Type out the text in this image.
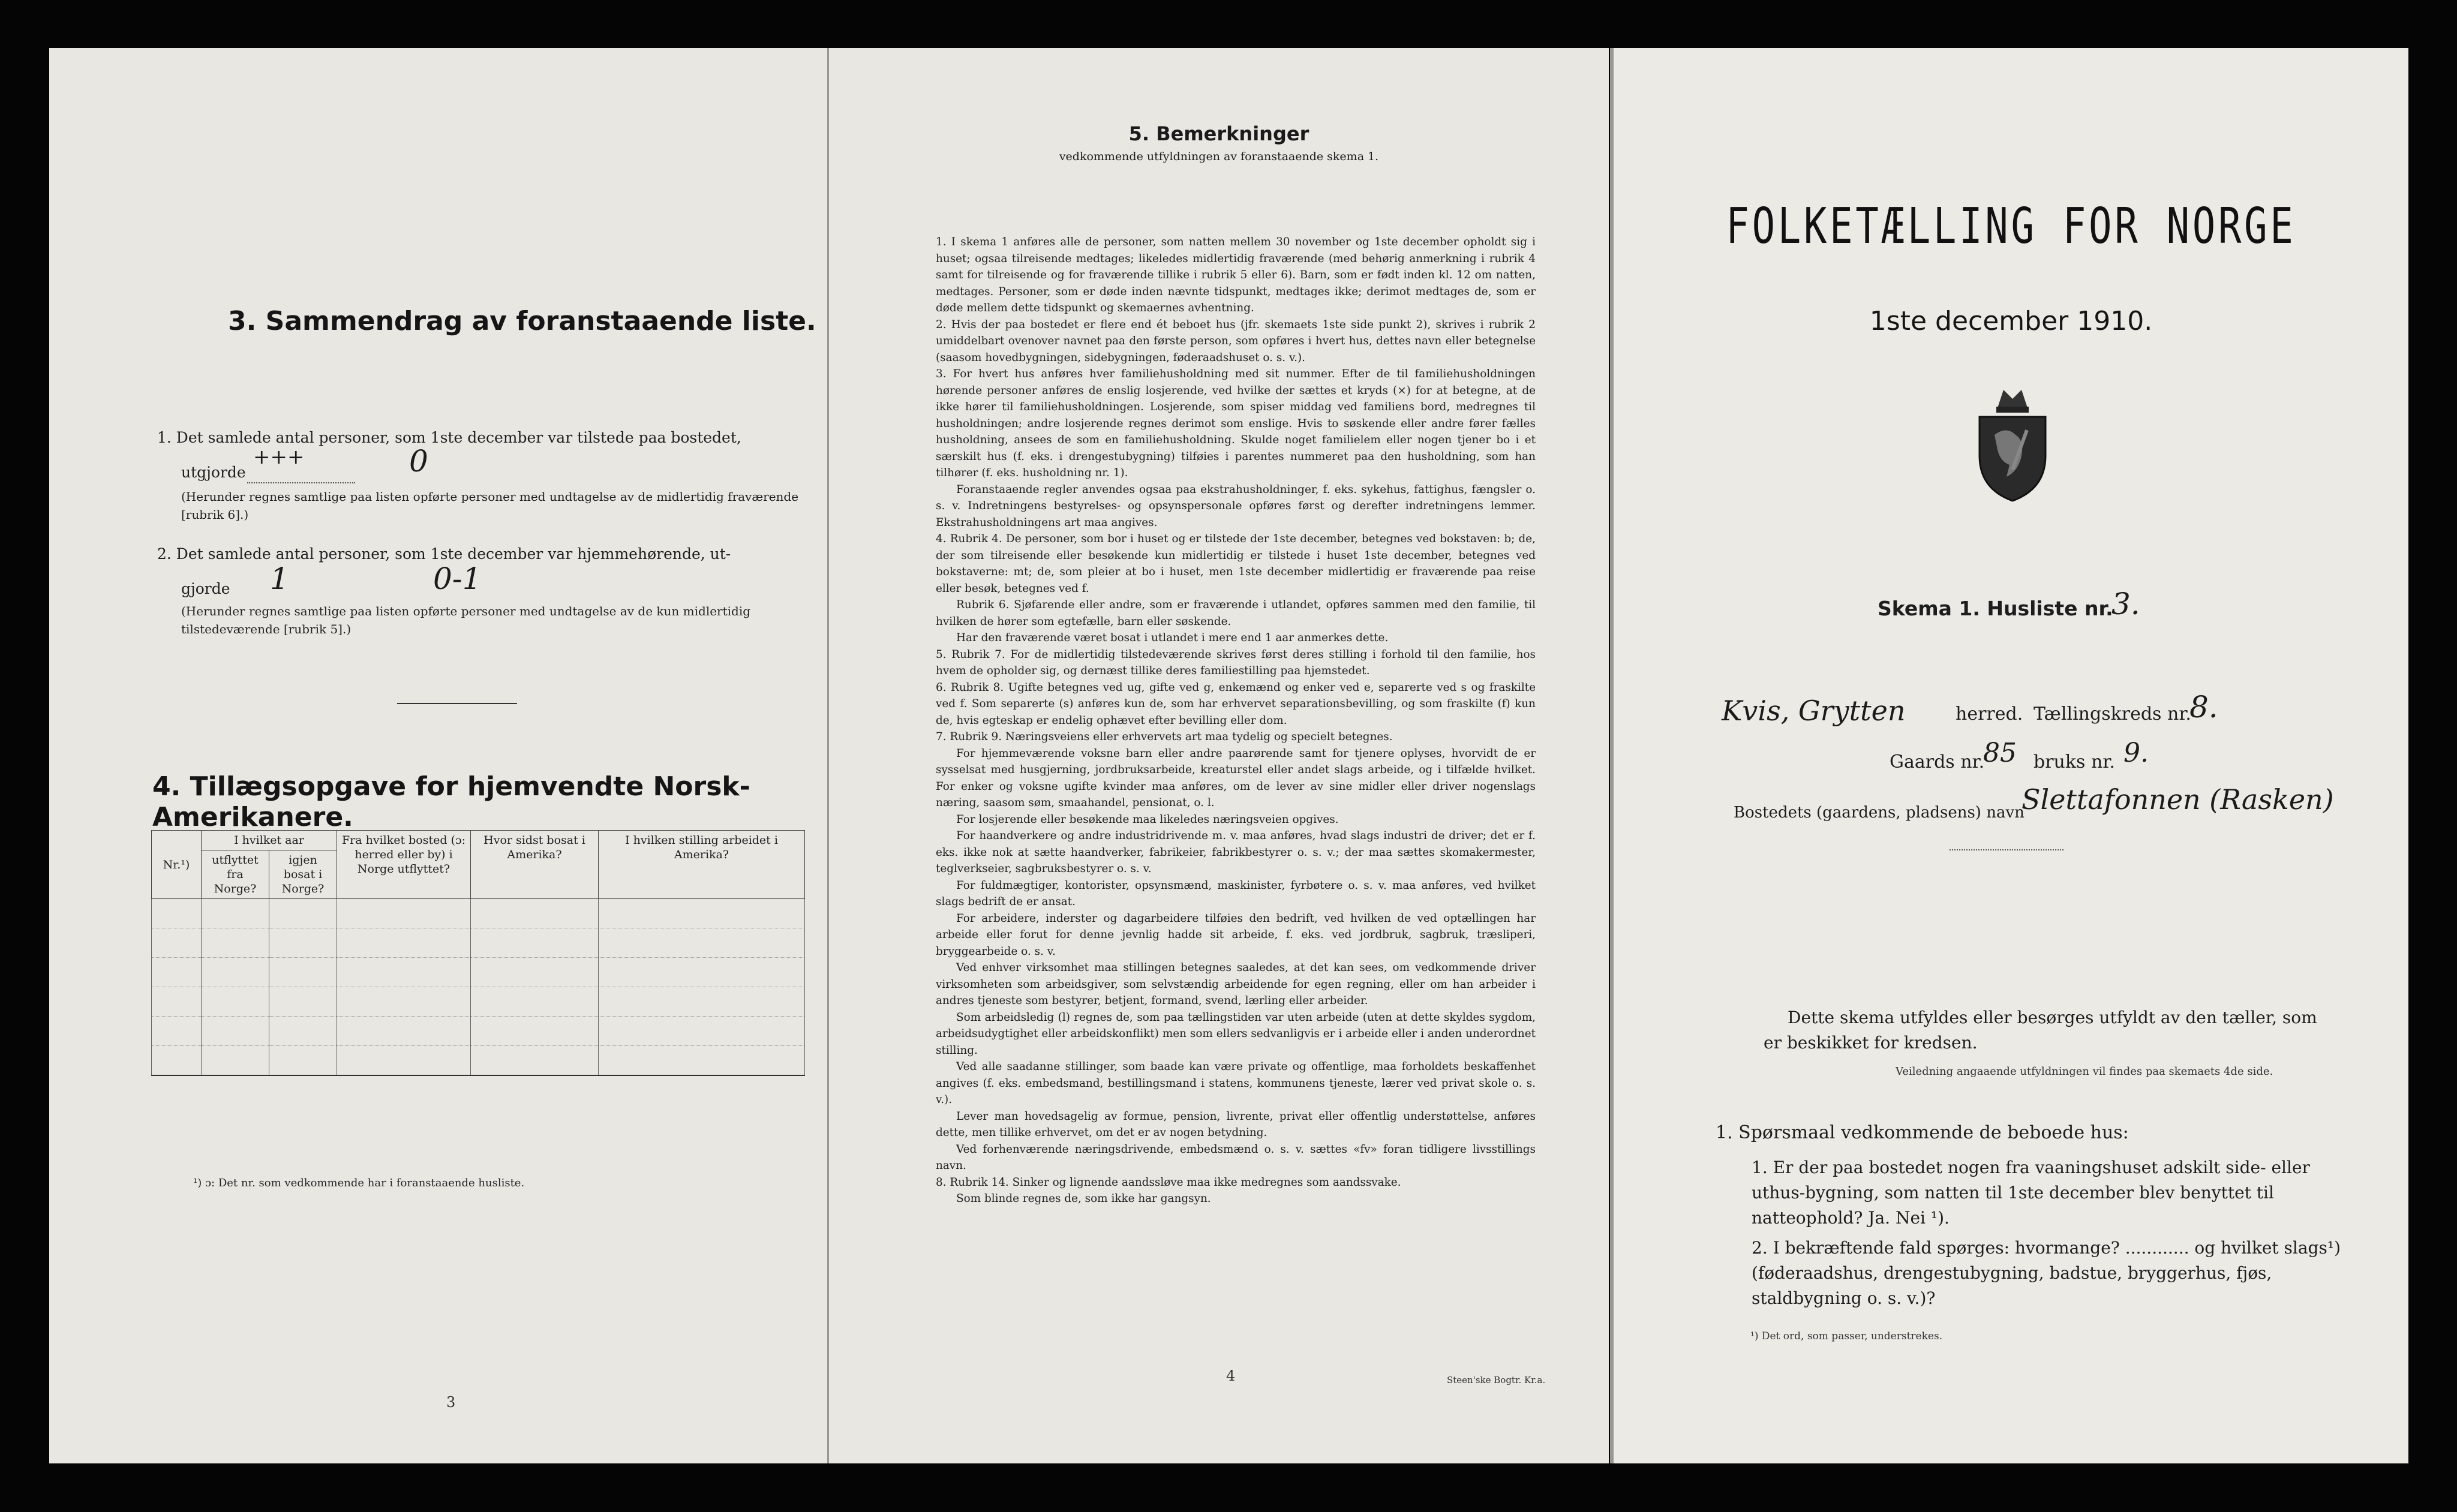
3. Sammendrag av foranstaaende liste.
1. Det samlede antal personer, som 1ste december var tilstede paa bostedet,
utgjorde
+++	0
(Herunder regnes samtlige paa listen opførte personer med undtagelse av de midlertidig fraværende [rubrik 6].)
2. Det samlede antal personer, som 1ste december var hjemmehørende, ut-
gjorde 1	0-1
(Herunder regnes samtlige paa listen opførte personer med undtagelse av de kun midlertidig tilstedeværende [rubrik 5].)
4. Tillægsopgave for hjemvendte Norsk-Amerikanere.
Nr.¹)	I hvilket aar		Fra hvilket bosted (ɔ: herred eller by) i Norge utflyttet?	Hvor sidst bosat i Amerika?	I hvilken stilling arbeidet i Amerika?
	utflyttet fra Norge?	igjen bosat i Norge?			

¹) ɔ: Det nr. som vedkommende har i foranstaaende husliste.
3
5. Bemerkninger
vedkommende utfyldningen av foranstaaende skema 1.

1. I skema 1 anføres alle de personer, som natten mellem 30 november og 1ste december opholdt sig i huset; ogsaa tilreisende medtages; likeledes midlertidig fraværende (med behørig anmerkning i rubrik 4 samt for tilreisende og for fraværende tillike i rubrik 5 eller 6). Barn, som er født inden kl. 12 om natten, medtages. Personer, som er døde inden nævnte tidspunkt, medtages ikke; derimot medtages de, som er døde mellem dette tidspunkt og skemaernes avhentning.

2. Hvis der paa bostedet er flere end ét beboet hus (jfr. skemaets 1ste side punkt 2), skrives i rubrik 2 umiddelbart ovenover navnet paa den første person, som opføres i hvert hus, dettes navn eller betegnelse (saasom hovedbygningen, sidebygningen, føderaadshuset o. s. v.).

3. For hvert hus anføres hver familiehusholdning med sit nummer. Efter de til familiehusholdningen hørende personer anføres de enslig losjerende, ved hvilke der sættes et kryds (×) for at betegne, at de ikke hører til familiehusholdningen. Losjerende, som spiser middag ved familiens bord, medregnes til husholdningen; andre losjerende regnes derimot som enslige. Hvis to søskende eller andre fører fælles husholdning, ansees de som en familiehusholdning. Skulde noget familielem eller nogen tjener bo i et særskilt hus (f. eks. i drengestubygning) tilføies i parentes nummeret paa den husholdning, som han tilhører (f. eks. husholdning nr. 1).

Foranstaaende regler anvendes ogsaa paa ekstrahusholdninger, f. eks. sykehus, fattighus, fængsler o. s. v. Indretningens bestyrelses- og opsynspersonale opføres først og derefter indretningens lemmer. Ekstrahusholdningens art maa angives.

4. Rubrik 4. De personer, som bor i huset og er tilstede der 1ste december, betegnes ved bokstaven: b; de, der som tilreisende eller besøkende kun midlertidig er tilstede i huset 1ste december, betegnes ved bokstaverne: mt; de, som pleier at bo i huset, men 1ste december midlertidig er fraværende paa reise eller besøk, betegnes ved f.

Rubrik 6. Sjøfarende eller andre, som er fraværende i utlandet, opføres sammen med den familie, til hvilken de hører som egtefælle, barn eller søskende.

Har den fraværende været bosat i utlandet i mere end 1 aar anmerkes dette.

5. Rubrik 7. For de midlertidig tilstedeværende skrives først deres stilling i forhold til den familie, hos hvem de opholder sig, og dernæst tillike deres familiestilling paa hjemstedet.

6. Rubrik 8. Ugifte betegnes ved ug, gifte ved g, enkemænd og enker ved e, separerte ved s og fraskilte ved f. Som separerte (s) anføres kun de, som har erhvervet separationsbevilling, og som fraskilte (f) kun de, hvis egteskap er endelig ophævet efter bevilling eller dom.

7. Rubrik 9. Næringsveiens eller erhvervets art maa tydelig og specielt betegnes.

For hjemmeværende voksne barn eller andre paarørende samt for tjenere oplyses, hvorvidt de er sysselsat med husgjerning, jordbruksarbeide, kreaturstel eller andet slags arbeide, og i tilfælde hvilket. For enker og voksne ugifte kvinder maa anføres, om de lever av sine midler eller driver nogenslags næring, saasom søm, smaahandel, pensionat, o. l.

For losjerende eller besøkende maa likeledes næringsveien opgives.

For haandverkere og andre industridrivende m. v. maa anføres, hvad slags industri de driver; det er f. eks. ikke nok at sætte haandverker, fabrikeier, fabrikbestyrer o. s. v.; der maa sættes skomakermester, teglverkseier, sagbruksbestyrer o. s. v.

For fuldmægtiger, kontorister, opsynsmænd, maskinister, fyrbøtere o. s. v. maa anføres, ved hvilket slags bedrift de er ansat.

For arbeidere, inderster og dagarbeidere tilføies den bedrift, ved hvilken de ved optællingen har arbeide eller forut for denne jevnlig hadde sit arbeide, f. eks. ved jordbruk, sagbruk, træsliperi, bryggearbeide o. s. v.

Ved enhver virksomhet maa stillingen betegnes saaledes, at det kan sees, om vedkommende driver virksomheten som arbeidsgiver, som selvstændig arbeidende for egen regning, eller om han arbeider i andres tjeneste som bestyrer, betjent, formand, svend, lærling eller arbeider.

Som arbeidsledig (l) regnes de, som paa tællingstiden var uten arbeide (uten at dette skyldes sygdom, arbeidsudygtighet eller arbeidskonflikt) men som ellers sedvanligvis er i arbeide eller i anden underordnet stilling.

Ved alle saadanne stillinger, som baade kan være private og offentlige, maa forholdets beskaffenhet angives (f. eks. embedsmand, bestillingsmand i statens, kommunens tjeneste, lærer ved privat skole o. s. v.).

Lever man hovedsagelig av formue, pension, livrente, privat eller offentlig understøttelse, anføres dette, men tillike erhvervet, om det er av nogen betydning.

Ved forhenværende næringsdrivende, embedsmænd o. s. v. sættes «fv» foran tidligere livsstillings navn.

8. Rubrik 14. Sinker og lignende aandssløve maa ikke medregnes som aandssvake.

Som blinde regnes de, som ikke har gangsyn.

4	Steen'ske Bogtr. Kr.a.
FOLKETÆLLING FOR NORGE
1ste december 1910.
Skema 1. Husliste nr.
3.
Kvis, Grytten	herred. Tællingskreds nr.
8.
Gaards nr.
85 bruks nr. 9.
Bostedets (gaardens, pladsens) navn
Slettafonnen (Rasken)
Dette skema utfyldes eller besørges utfyldt av den tæller, som er beskikket for kredsen.
Veiledning angaaende utfyldningen vil findes paa skemaets 4de side.
1. Spørsmaal vedkommende de beboede hus:
1. Er der paa bostedet nogen fra vaaningshuset adskilt side- eller uthus-bygning, som natten til 1ste december blev benyttet til natteophold? Ja. Nei ¹).
2. I bekræftende fald spørges: hvormange? ............ og hvilket slags¹) (føderaadshus, drengestubygning, badstue, bryggerhus, fjøs, staldbygning o. s. v.)?
¹) Det ord, som passer, understrekes.
